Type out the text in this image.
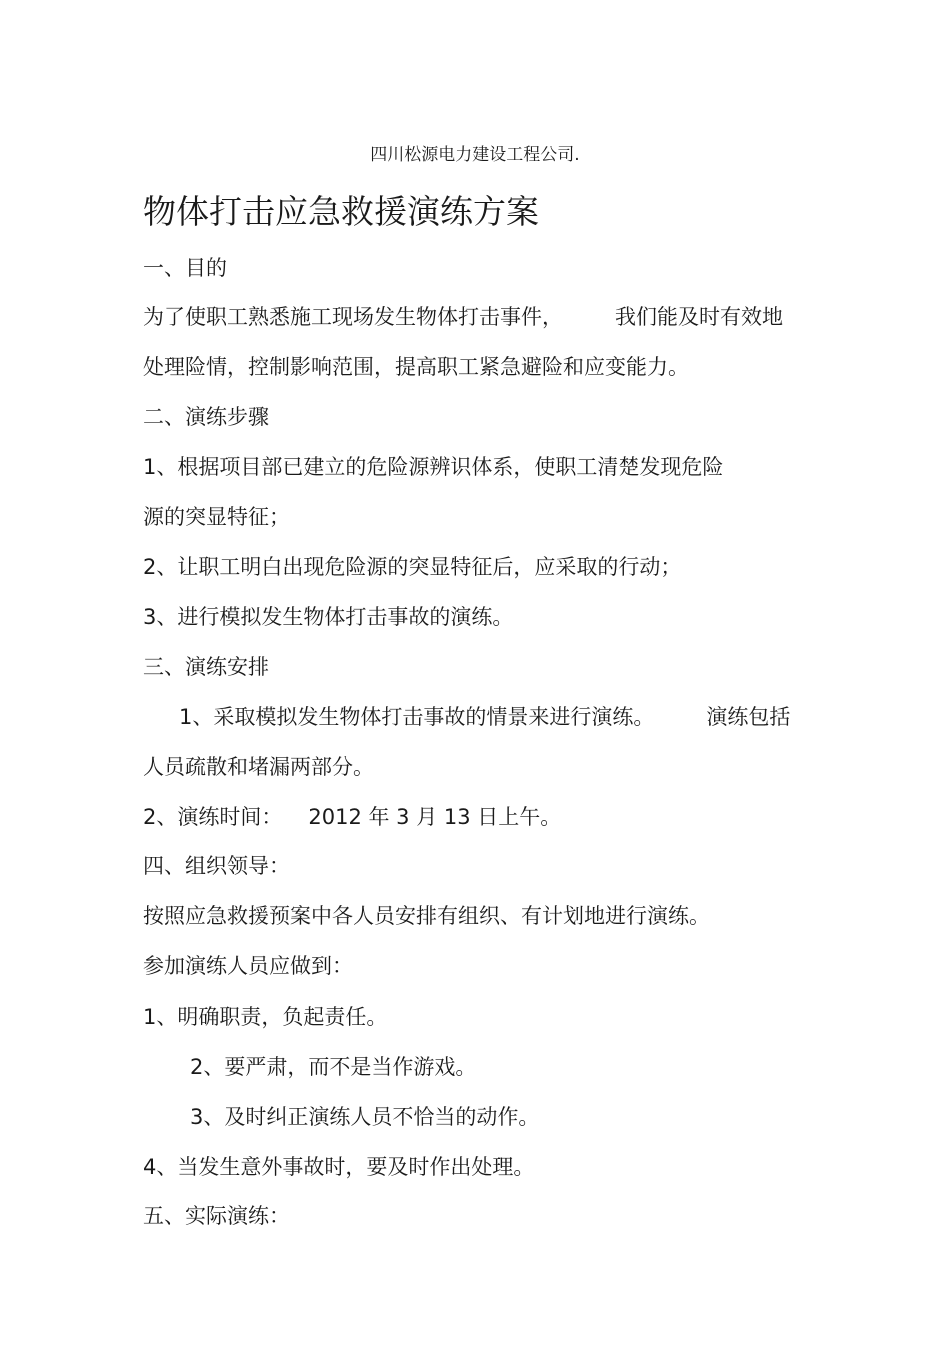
四川松源电力建设工程公司.
物体打击应急救援演练方案
一、目的
为了使职工熟悉施工现场发生物体打击事件， 我们能及时有效地
处理险情，控制影响范围，提高职工紧急避险和应变能力。
二、演练步骤
1、根据项目部已建立的危险源辨识体系，使职工清楚发现危险
源的突显特征；
2、让职工明白出现危险源的突显特征后，应采取的行动；
3、进行模拟发生物体打击事故的演练。
三、演练安排
1、采取模拟发生物体打击事故的情景来进行演练。 演练包括
人员疏散和堵漏两部分。
2、演练时间： 2012 年 3 月 13 日上午。
四、组织领导：
按照应急救援预案中各人员安排有组织、有计划地进行演练。
参加演练人员应做到：
1、明确职责，负起责任。
2、要严肃，而不是当作游戏。
3、及时纠正演练人员不恰当的动作。
4、当发生意外事故时，要及时作出处理。
五、实际演练：
